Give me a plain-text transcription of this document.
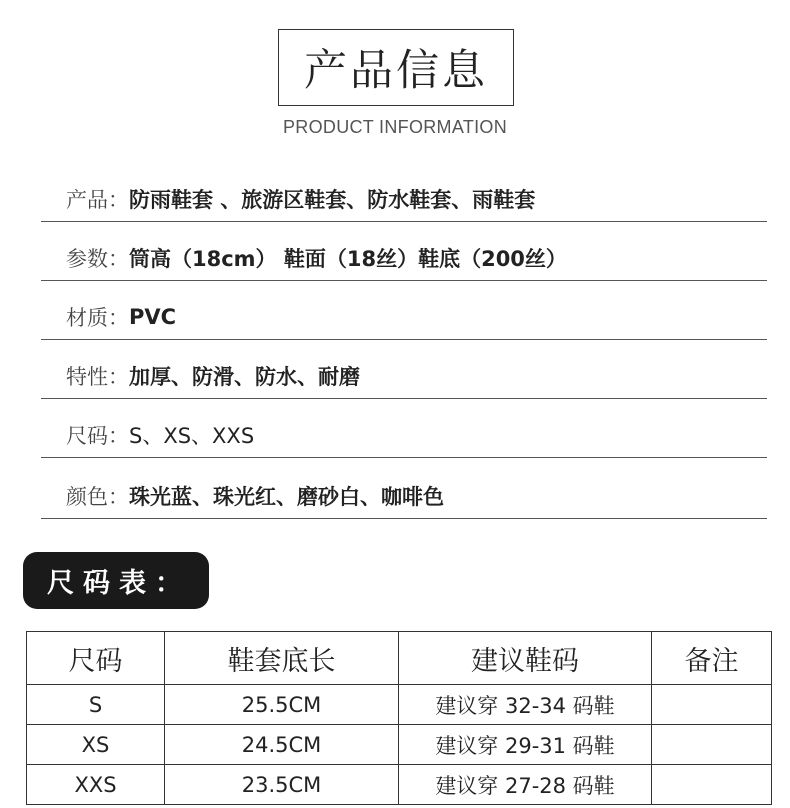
产品信息
PRODUCT INFORMATION
产品： 防雨鞋套 、旅游区鞋套、防水鞋套、雨鞋套
参数： 筒高（18cm） 鞋面（18丝）鞋底（200丝）
材质： PVC
特性： 加厚、防滑、防水、耐磨
尺码： S、XS、XXS
颜色： 珠光蓝、珠光红、磨砂白、咖啡色
尺码表：
尺码	鞋套底长	建议鞋码	备注
S	25.5CM	建议穿 32-34 码鞋	
XS	24.5CM	建议穿 29-31 码鞋	
XXS	23.5CM	建议穿 27-28 码鞋	
